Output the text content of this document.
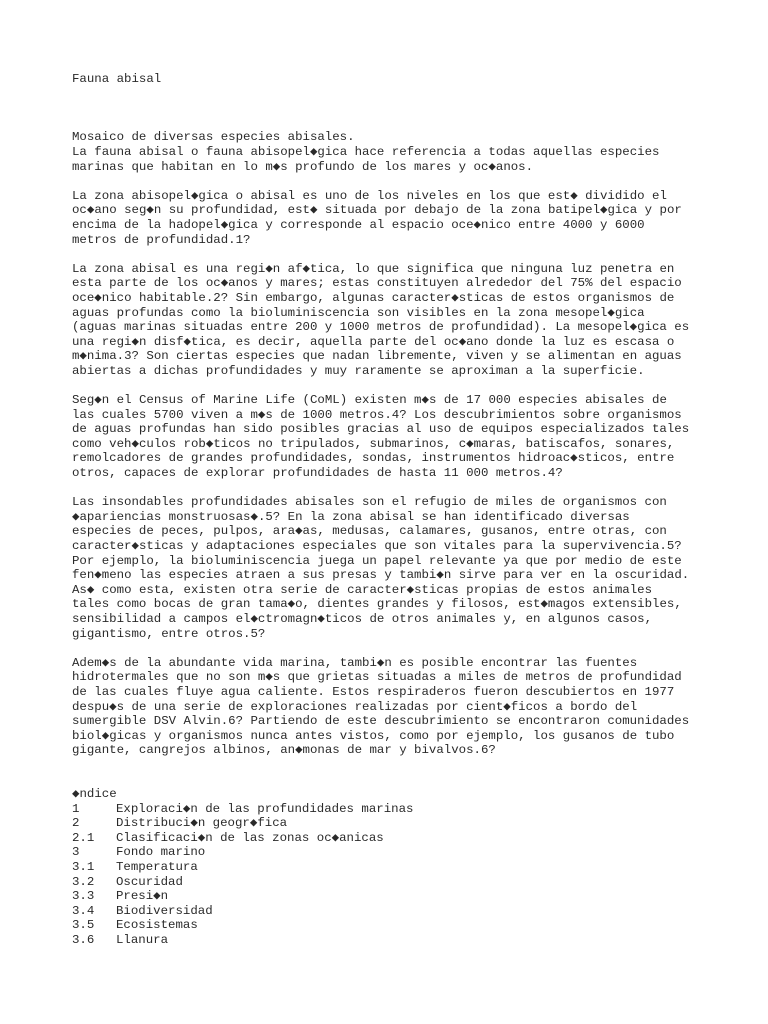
Fauna abisal
Mosaico de diversas especies abisales.
La fauna abisal o fauna abisopel◆gica hace referencia a todas aquellas especies
marinas que habitan en lo m◆s profundo de los mares y oc◆anos.
La zona abisopel◆gica o abisal es uno de los niveles en los que est◆ dividido el
oc◆ano seg◆n su profundidad, est◆ situada por debajo de la zona batipel◆gica y por
encima de la hadopel◆gica y corresponde al espacio oce◆nico entre 4000 y 6000
metros de profundidad.1?
La zona abisal es una regi◆n af◆tica, lo que significa que ninguna luz penetra en
esta parte de los oc◆anos y mares; estas constituyen alrededor del 75% del espacio
oce◆nico habitable.2? Sin embargo, algunas caracter◆sticas de estos organismos de
aguas profundas como la bioluminiscencia son visibles en la zona mesopel◆gica
(aguas marinas situadas entre 200 y 1000 metros de profundidad). La mesopel◆gica es
una regi◆n disf◆tica, es decir, aquella parte del oc◆ano donde la luz es escasa o
m◆nima.3? Son ciertas especies que nadan libremente, viven y se alimentan en aguas
abiertas a dichas profundidades y muy raramente se aproximan a la superficie.
Seg◆n el Census of Marine Life (CoML) existen m◆s de 17 000 especies abisales de
las cuales 5700 viven a m◆s de 1000 metros.4? Los descubrimientos sobre organismos
de aguas profundas han sido posibles gracias al uso de equipos especializados tales
como veh◆culos rob◆ticos no tripulados, submarinos, c◆maras, batiscafos, sonares,
remolcadores de grandes profundidades, sondas, instrumentos hidroac◆sticos, entre
otros, capaces de explorar profundidades de hasta 11 000 metros.4?
Las insondables profundidades abisales son el refugio de miles de organismos con
◆apariencias monstruosas◆.5? En la zona abisal se han identificado diversas
especies de peces, pulpos, ara◆as, medusas, calamares, gusanos, entre otras, con
caracter◆sticas y adaptaciones especiales que son vitales para la supervivencia.5?
Por ejemplo, la bioluminiscencia juega un papel relevante ya que por medio de este
fen◆meno las especies atraen a sus presas y tambi◆n sirve para ver en la oscuridad.
As◆ como esta, existen otra serie de caracter◆sticas propias de estos animales
tales como bocas de gran tama◆o, dientes grandes y filosos, est◆magos extensibles,
sensibilidad a campos el◆ctromagn◆ticos de otros animales y, en algunos casos,
gigantismo, entre otros.5?
Adem◆s de la abundante vida marina, tambi◆n es posible encontrar las fuentes
hidrotermales que no son m◆s que grietas situadas a miles de metros de profundidad
de las cuales fluye agua caliente. Estos respiraderos fueron descubiertos en 1977
despu◆s de una serie de exploraciones realizadas por cient◆ficos a bordo del
sumergible DSV Alvin.6? Partiendo de este descubrimiento se encontraron comunidades
biol◆gicas y organismos nunca antes vistos, como por ejemplo, los gusanos de tubo
gigante, cangrejos albinos, an◆monas de mar y bivalvos.6?
◆ndice
1	Exploraci◆n de las profundidades marinas
2	Distribuci◆n geogr◆fica
2.1	Clasificaci◆n de las zonas oc◆anicas
3	Fondo marino
3.1	Temperatura
3.2	Oscuridad
3.3	Presi◆n
3.4	Biodiversidad
3.5	Ecosistemas
3.6	Llanura
